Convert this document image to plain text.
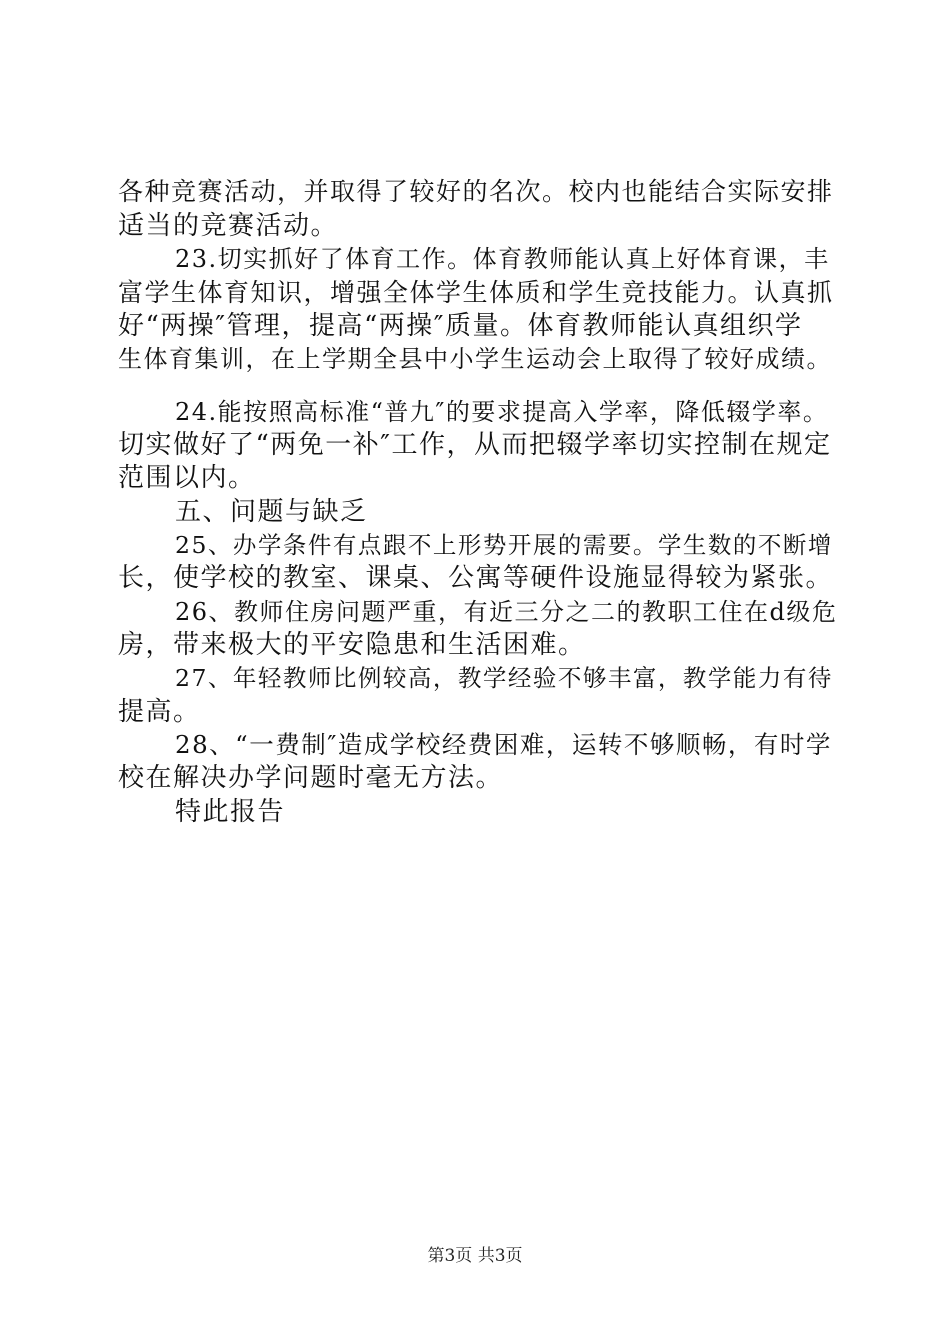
各种竞赛活动，并取得了较好的名次。校内也能结合实际安排
适当的竞赛活动。
23.切实抓好了体育工作。体育教师能认真上好体育课，丰
富学生体育知识，增强全体学生体质和学生竞技能力。认真抓
好“两操″管理，提高“两操″质量。体育教师能认真组织学
生体育集训，在上学期全县中小学生运动会上取得了较好成绩。
24.能按照高标准“普九″的要求提高入学率，降低辍学率。
切实做好了“两免一补″工作，从而把辍学率切实控制在规定
范围以内。
五、问题与缺乏
25、办学条件有点跟不上形势开展的需要。学生数的不断增
长，使学校的教室、课桌、公寓等硬件设施显得较为紧张。
26、教师住房问题严重，有近三分之二的教职工住在d级危
房，带来极大的平安隐患和生活困难。
27、年轻教师比例较高，教学经验不够丰富，教学能力有待
提高。
28、“一费制″造成学校经费困难，运转不够顺畅，有时学
校在解决办学问题时毫无方法。
特此报告
第3页 共3页
